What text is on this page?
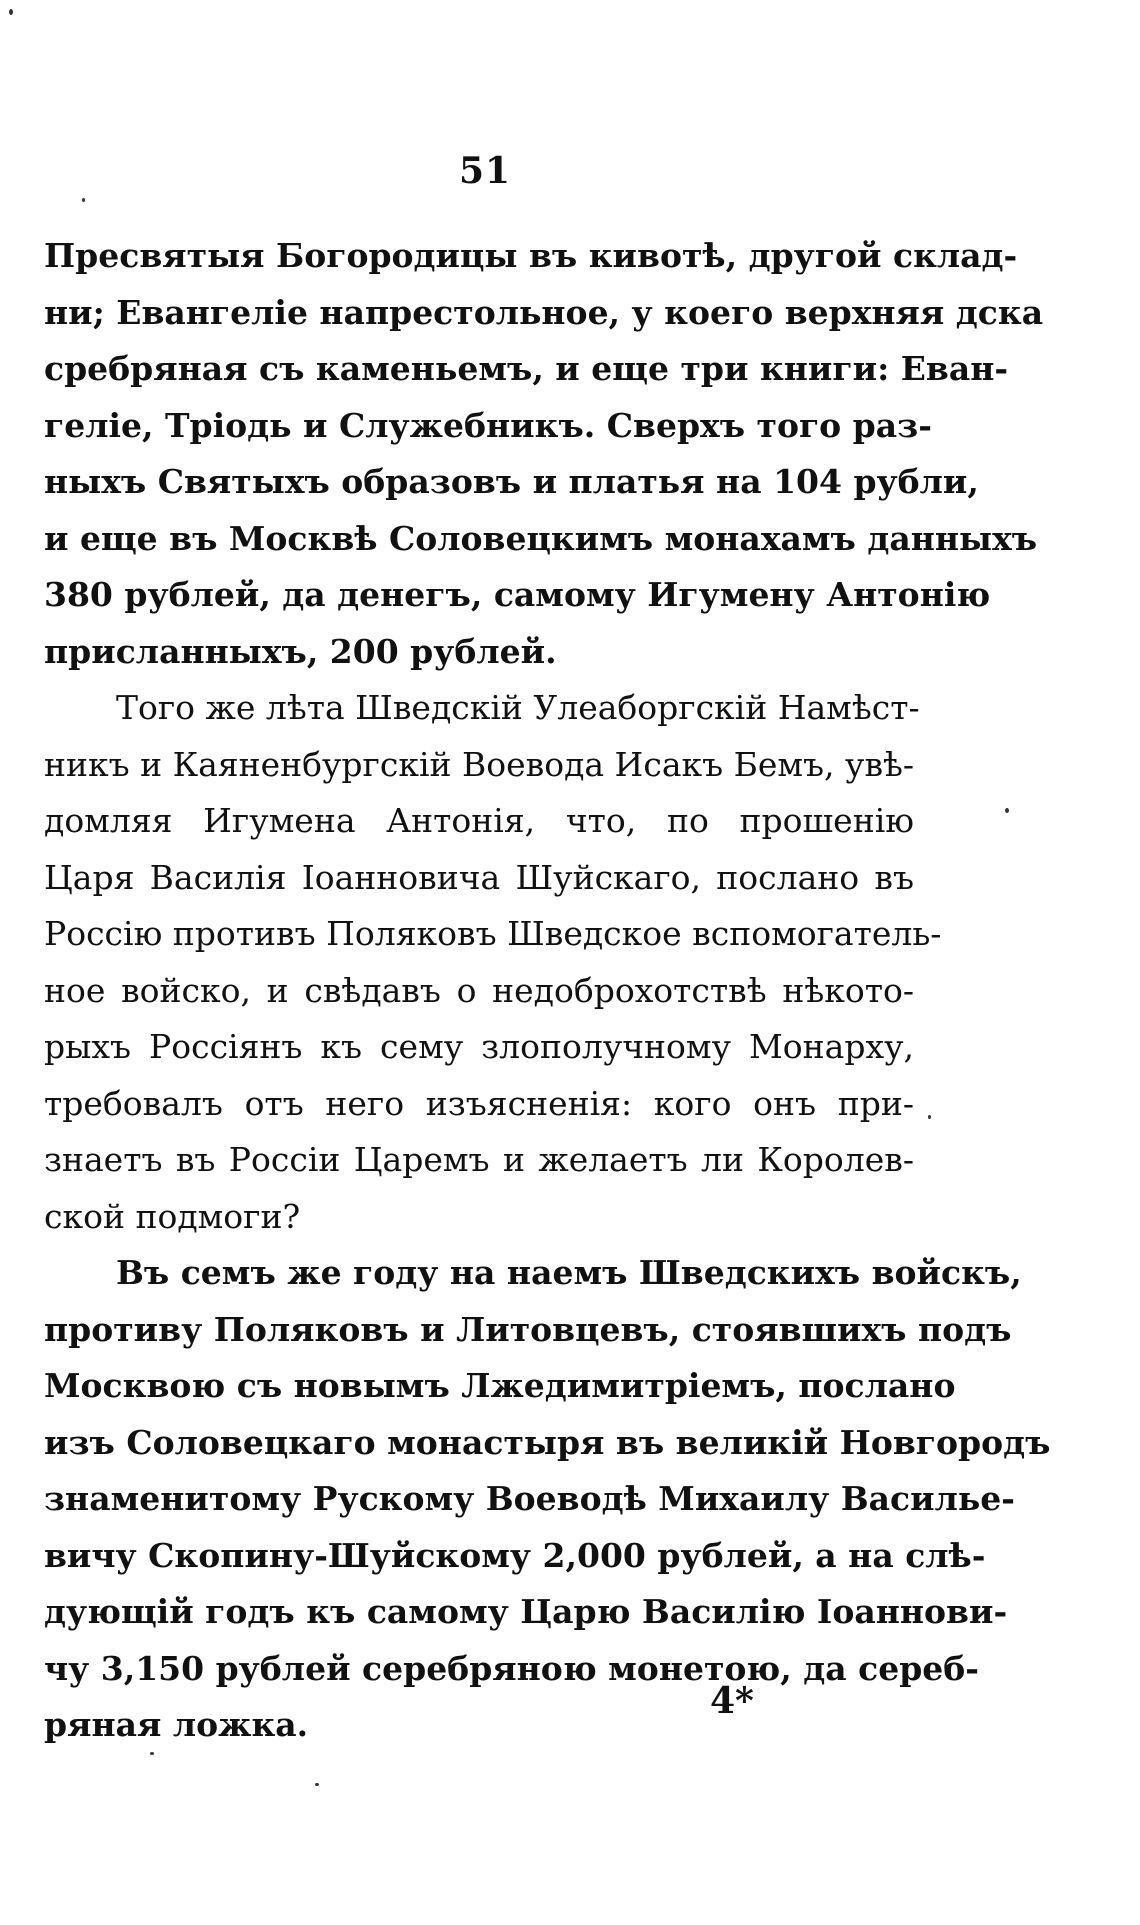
51
Пресвятыя Богородицы въ кивотѣ, другой склад-
ни; Евангеліе напрестольное, у коего верхняя дска
сребряная съ каменьемъ, и еще три книги: Еван-
геліе, Тріодь и Служебникъ. Сверхъ того раз-
ныхъ Святыхъ образовъ и платья на 104 рубли,
и еще въ Москвѣ Соловецкимъ монахамъ данныхъ
380 рублей, да денегъ, самому Игумену Антонію
присланныхъ, 200 рублей.
Того же лѣта Шведскій Улеаборгскій Намѣст-
никъ и Каяненбургскій Воевода Исакъ Бемъ, увѣ-
домляя Игумена Антонія, что, по прошенію
Царя Василія Іоанновича Шуйскаго, послано въ
Россію противъ Поляковъ Шведское вспомогатель-
ное войско, и свѣдавъ о недоброхотствѣ нѣкото-
рыхъ Россіянъ къ сему злополучному Монарху,
требовалъ отъ него изъясненія: кого онъ при-
знаетъ въ Россіи Царемъ и желаетъ ли Королев-
ской подмоги?
Въ семъ же году на наемъ Шведскихъ войскъ,
противу Поляковъ и Литовцевъ, стоявшихъ подъ
Москвою съ новымъ Лжедимитріемъ, послано
изъ Соловецкаго монастыря въ великій Новгородъ
знаменитому Рускому Воеводѣ Михаилу Василье-
вичу Скопину-Шуйскому 2,000 рублей, а на слѣ-
дующій годъ къ самому Царю Василію Іоаннови-
чу 3,150 рублей серебряною монетою, да сереб-
ряная ложка.
4*
